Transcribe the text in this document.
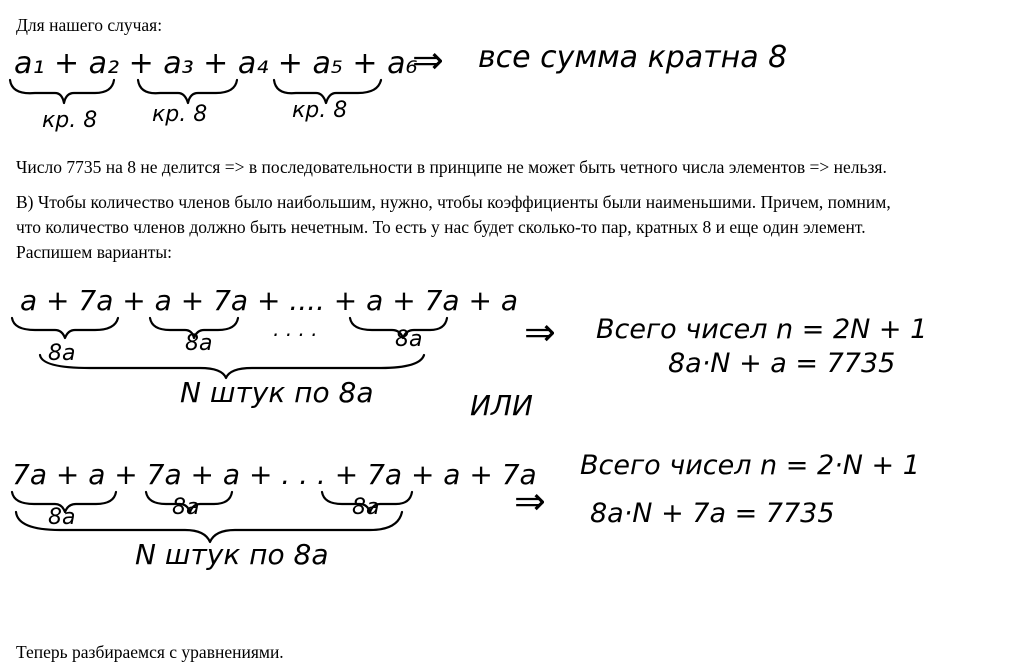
Для нашего случая:
a₁ + a₂ + a₃ + a₄ + a₅ + a₆
⇒ все сумма кратна 8
кр. 8 кр. 8	кр. 8
Число 7735 на 8 не делится => в последовательности в принципе не может быть четного числа элементов => нельзя.
В) Чтобы количество членов было наибольшим, нужно, чтобы коэффициенты были наименьшими. Причем, помним,
что количество членов должно быть нечетным. То есть у нас будет сколько-то пар, кратных 8 и еще один элемент.
Распишем варианты:
a + 7a + a + 7a + .... + a + 7a + a
8a	8a	· · · ·	8a
N штук по 8a
⇒ Всего чисел n = 2N + 1
8a·N + a = 7735
ИЛИ
7a + a + 7a + a + . . . + 7a + a + 7a
8a	8a	8a
N штук по 8a
⇒
Всего чисел n = 2·N + 1
8a·N + 7a = 7735
Теперь разбираемся с уравнениями.
